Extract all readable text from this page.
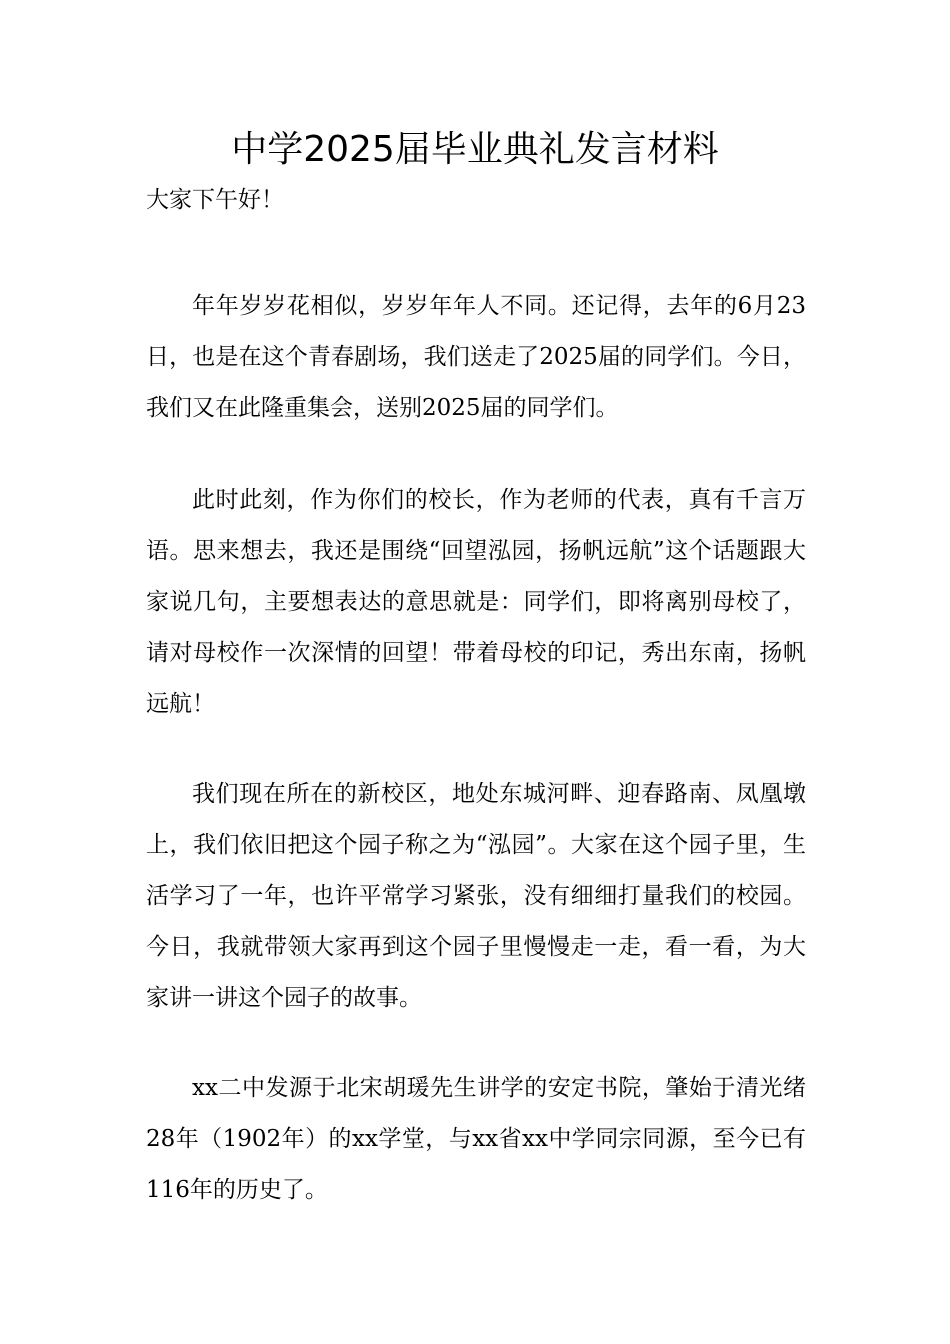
中学2025届毕业典礼发言材料

大家下午好！

年年岁岁花相似，岁岁年年人不同。还记得，去年的6月23日，也是在这个青春剧场，我们送走了2025届的同学们。今日，我们又在此隆重集会，送别2025届的同学们。

此时此刻，作为你们的校长，作为老师的代表，真有千言万语。思来想去，我还是围绕“回望泓园，扬帆远航”这个话题跟大家说几句，主要想表达的意思就是：同学们，即将离别母校了，请对母校作一次深情的回望！带着母校的印记，秀出东南，扬帆远航！

我们现在所在的新校区，地处东城河畔、迎春路南、凤凰墩上，我们依旧把这个园子称之为“泓园”。大家在这个园子里，生活学习了一年，也许平常学习紧张，没有细细打量我们的校园。今日，我就带领大家再到这个园子里慢慢走一走，看一看，为大家讲一讲这个园子的故事。

xx二中发源于北宋胡瑗先生讲学的安定书院，肇始于清光绪28年（1902年）的xx学堂，与xx省xx中学同宗同源，至今已有116年的历史了。
